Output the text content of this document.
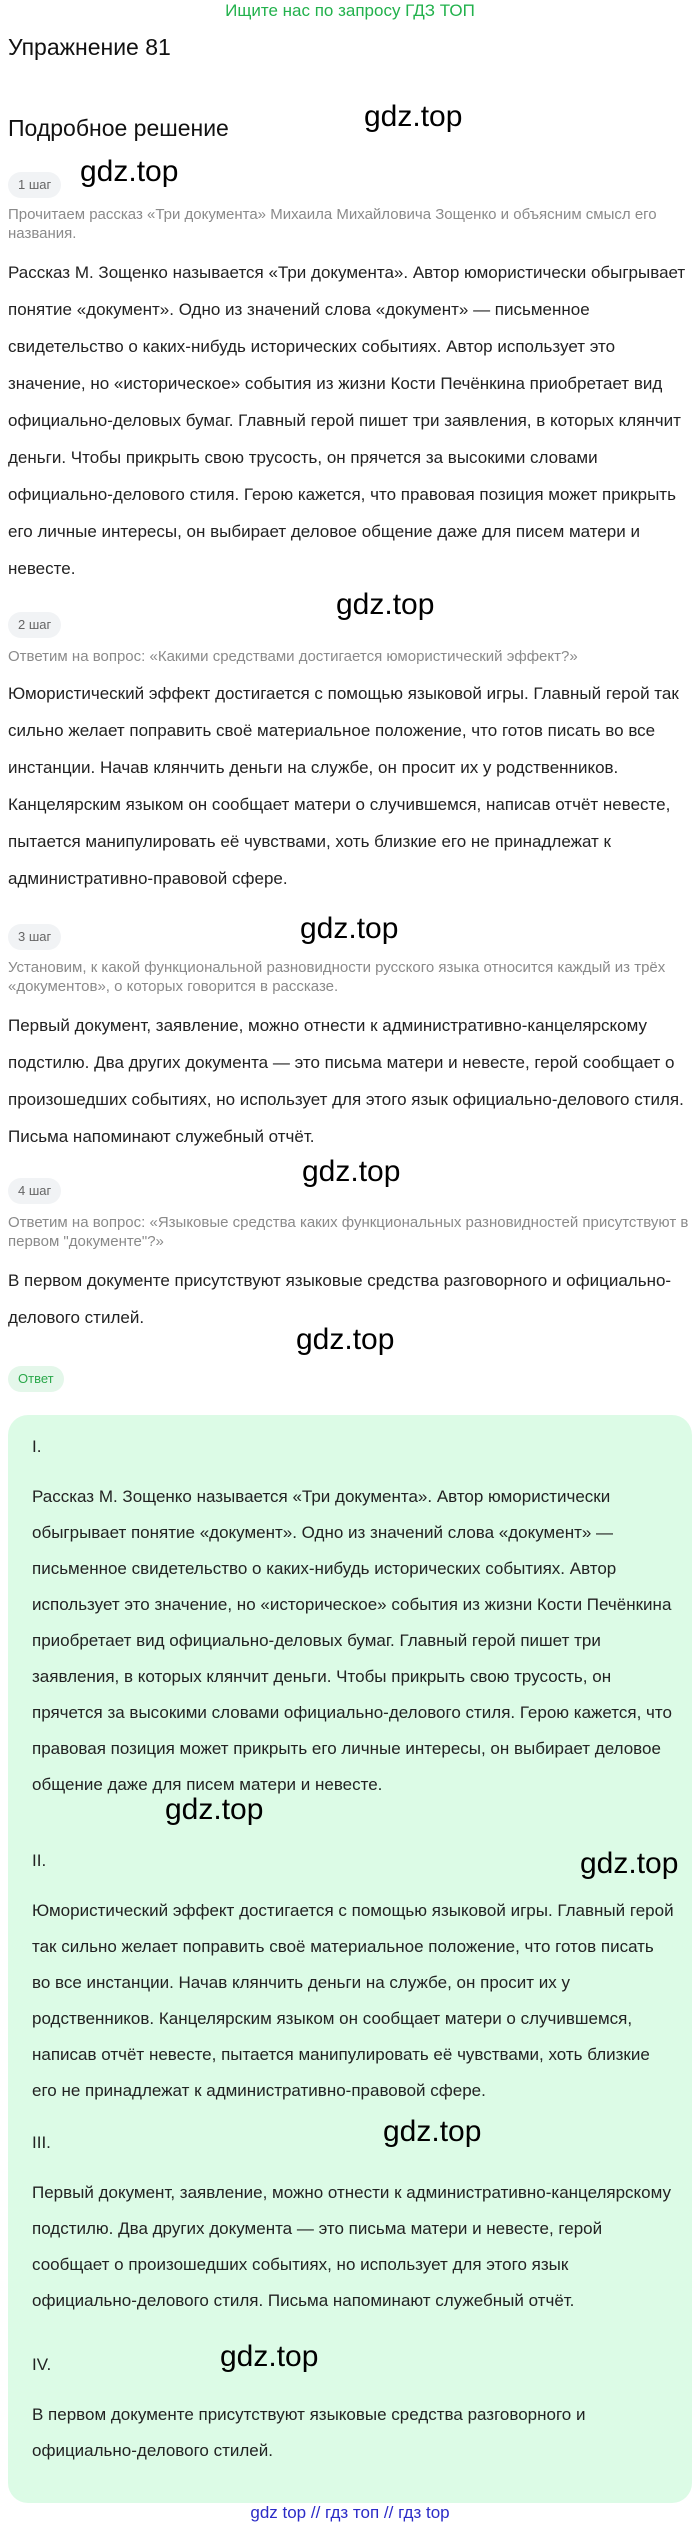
Ищите нас по запросу ГДЗ ТОП
Упражнение 81
Подробное решение	gdz.top
gdz.top
gdz.top
gdz.top
gdz.top
gdz.top
1 шаг
Прочитаем рассказ «Три документа» Михаила Михайловича Зощенко и объясним смысл его названия.
Рассказ М. Зощенко называется «Три документа». Автор юмористически обыгрывает понятие «документ». Одно из значений слова «документ» — письменное свидетельство о каких-нибудь исторических событиях. Автор использует это значение, но «историческое» события из жизни Кости Печёнкина приобретает вид официально-деловых бумаг. Главный герой пишет три заявления, в которых клянчит деньги. Чтобы прикрыть свою трусость, он прячется за высокими словами официально-делового стиля. Герою кажется, что правовая позиция может прикрыть его личные интересы, он выбирает деловое общение даже для писем матери и невесте.
2 шаг
Ответим на вопрос: «Какими средствами достигается юмористический эффект?»
Юмористический эффект достигается с помощью языковой игры. Главный герой так сильно желает поправить своё материальное положение, что готов писать во все инстанции. Начав клянчить деньги на службе, он просит их у родственников. Канцелярским языком он сообщает матери о случившемся, написав отчёт невесте, пытается манипулировать её чувствами, хоть близкие его не принадлежат к административно-правовой сфере.
3 шаг
Установим, к какой функциональной разновидности русского языка относится каждый из трёх «документов», о которых говорится в рассказе.
Первый документ, заявление, можно отнести к административно-канцелярскому подстилю. Два других документа — это письма матери и невесте, герой сообщает о произошедших событиях, но использует для этого язык официально-делового стиля. Письма напоминают служебный отчёт.
4 шаг
Ответим на вопрос: «Языковые средства каких функциональных разновидностей присутствуют в первом "документе"?»
В первом документе присутствуют языковые средства разговорного и официально-делового стилей.
Ответ
I.
Рассказ М. Зощенко называется «Три документа». Автор юмористически обыгрывает понятие «документ». Одно из значений слова «документ» — письменное свидетельство о каких-нибудь исторических событиях. Автор использует это значение, но «историческое» события из жизни Кости Печёнкина приобретает вид официально-деловых бумаг. Главный герой пишет три заявления, в которых клянчит деньги. Чтобы прикрыть свою трусость, он прячется за высокими словами официально-делового стиля. Герою кажется, что правовая позиция может прикрыть его личные интересы, он выбирает деловое общение даже для писем матери и невесте.
II.
Юмористический эффект достигается с помощью языковой игры. Главный герой так сильно желает поправить своё материальное положение, что готов писать во все инстанции. Начав клянчить деньги на службе, он просит их у родственников. Канцелярским языком он сообщает матери о случившемся, написав отчёт невесте, пытается манипулировать её чувствами, хоть близкие его не принадлежат к административно-правовой сфере.
III.
Первый документ, заявление, можно отнести к административно-канцелярскому подстилю. Два других документа — это письма матери и невесте, герой сообщает о произошедших событиях, но использует для этого язык официально-делового стиля. Письма напоминают служебный отчёт.
IV.
В первом документе присутствуют языковые средства разговорного и официально-делового стилей.
gdz.top
gdz.top
gdz.top
gdz.top
gdz top // гдз топ // гдз top
